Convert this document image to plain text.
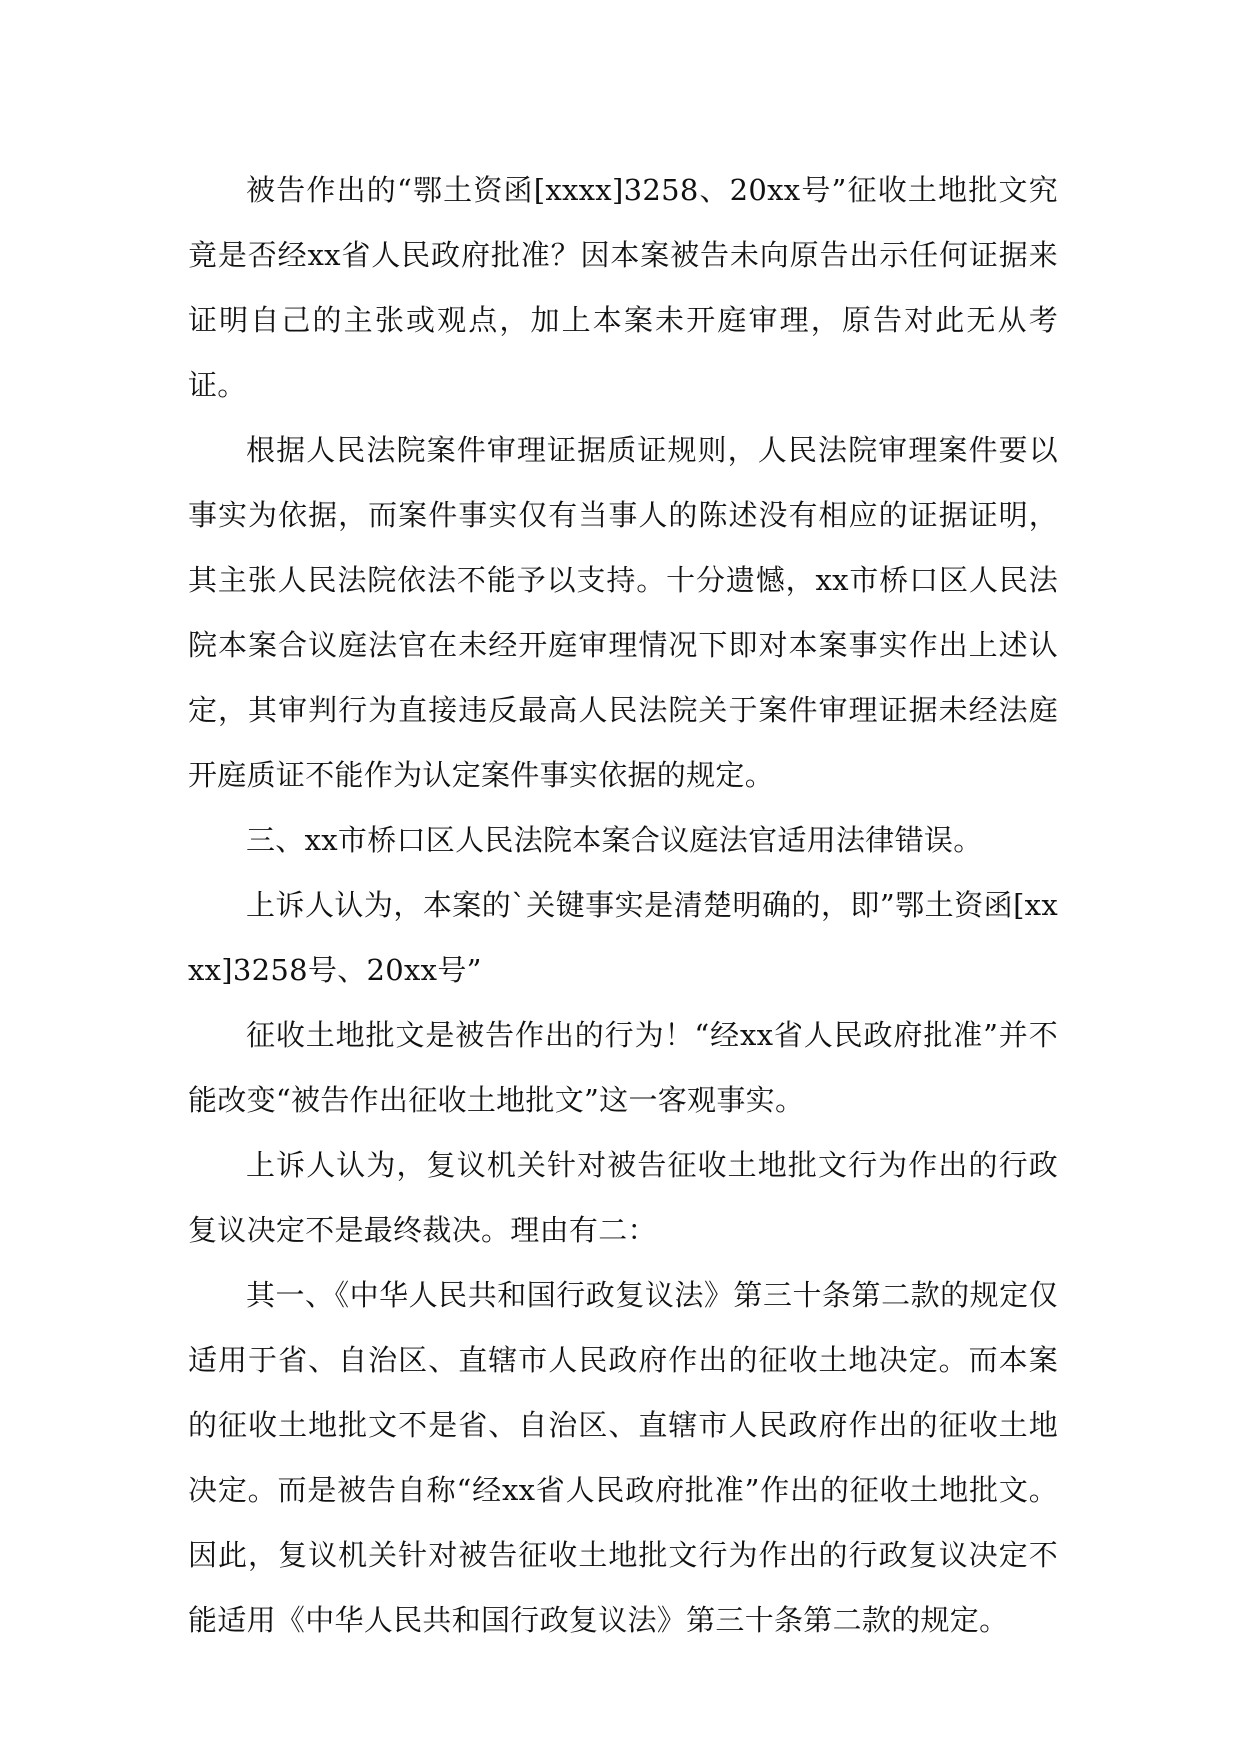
被告作出的“鄂土资函[xxxx]3258、20xx号”征收土地批文究竟是否经xx省人民政府批准？因本案被告未向原告出示任何证据来证明自己的主张或观点，加上本案未开庭审理，原告对此无从考证。

根据人民法院案件审理证据质证规则，人民法院审理案件要以事实为依据，而案件事实仅有当事人的陈述没有相应的证据证明，其主张人民法院依法不能予以支持。十分遗憾，xx市桥口区人民法院本案合议庭法官在未经开庭审理情况下即对本案事实作出上述认定，其审判行为直接违反最高人民法院关于案件审理证据未经法庭开庭质证不能作为认定案件事实依据的规定。

三、xx市桥口区人民法院本案合议庭法官适用法律错误。

上诉人认为，本案的`关键事实是清楚明确的，即”鄂土资函[xxxx]3258号、20xx号”

征收土地批文是被告作出的行为！“经xx省人民政府批准”并不能改变“被告作出征收土地批文”这一客观事实。

上诉人认为，复议机关针对被告征收土地批文行为作出的行政复议决定不是最终裁决。理由有二：

其一、《中华人民共和国行政复议法》第三十条第二款的规定仅适用于省、自治区、直辖市人民政府作出的征收土地决定。而本案的征收土地批文不是省、自治区、直辖市人民政府作出的征收土地决定。而是被告自称“经xx省人民政府批准”作出的征收土地批文。因此，复议机关针对被告征收土地批文行为作出的行政复议决定不能适用《中华人民共和国行政复议法》第三十条第二款的规定。
